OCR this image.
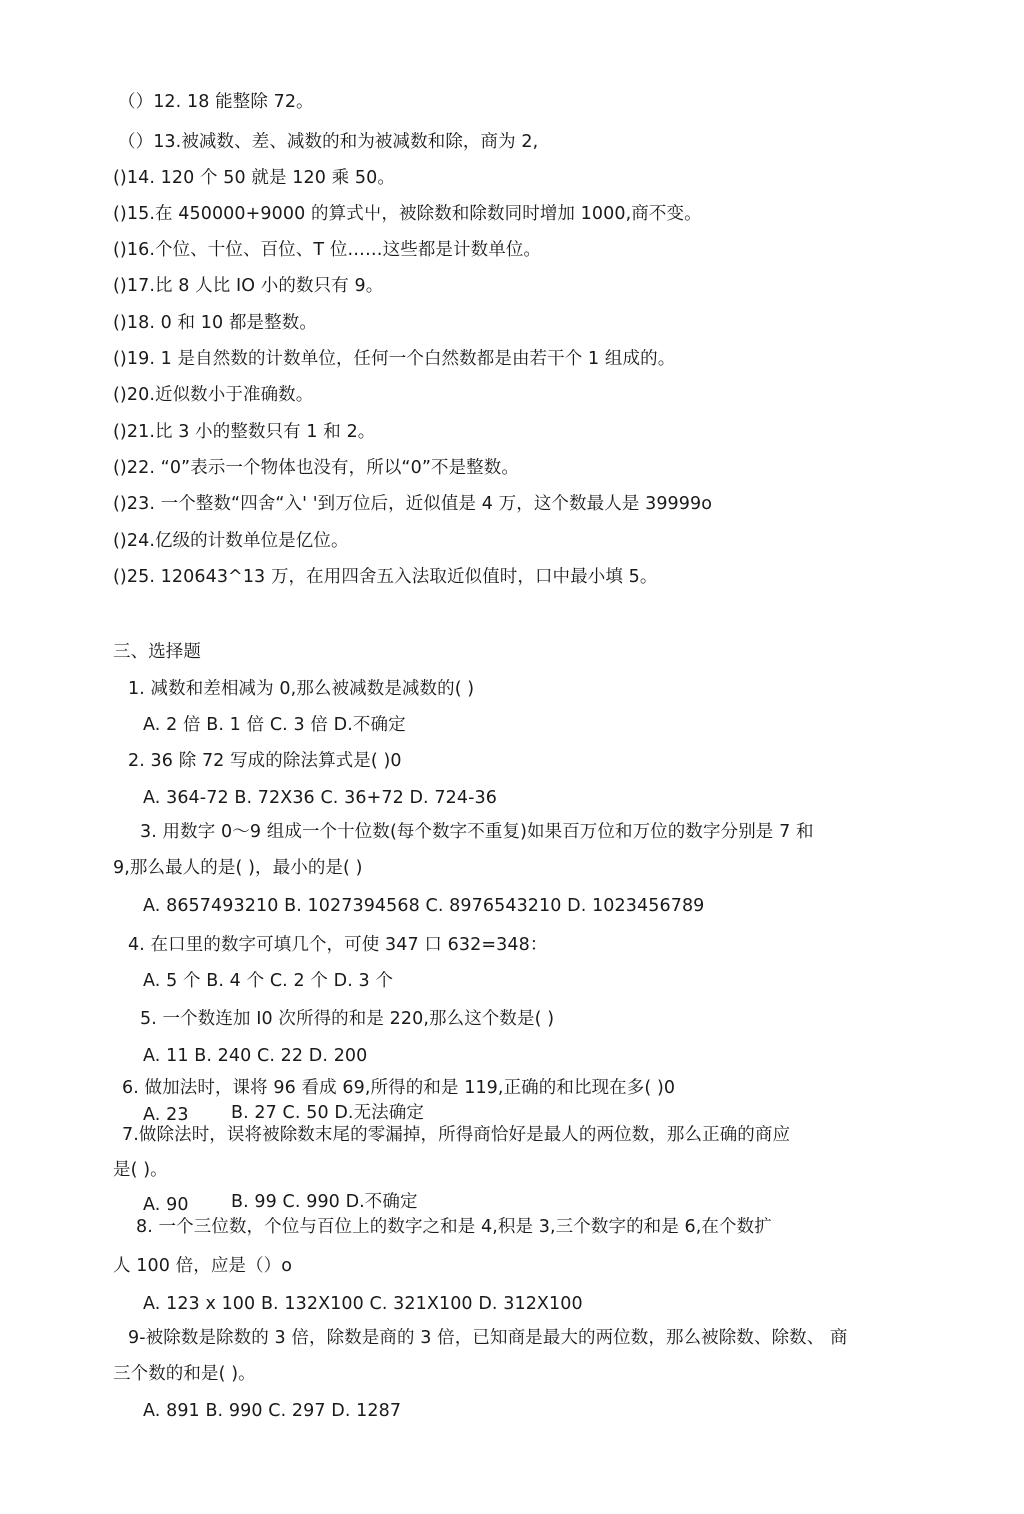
（）12. 18 能整除 72。
（）13.被减数、差、减数的和为被减数和除，商为 2,
()14. 120 个 50 就是 120 乘 50。
()15.在 450000+9000 的算式屮，被除数和除数同时增加 1000,商不变。
()16.个位、十位、百位、T 位……这些都是计数单位。
()17.比 8 人比 IO 小的数只有 9。
()18. 0 和 10 都是整数。
()19. 1 是自然数的计数单位，任何一个白然数都是由若干个 1 组成的。
()20.近似数小于准确数。
()21.比 3 小的整数只有 1 和 2。
()22. “0”表示一个物体也没有，所以“0”不是整数。
()23. 一个整数“四舍“入' '到万位后，近似值是 4 万，这个数最人是 39999o
()24.亿级的计数单位是亿位。
()25. 120643^13 万，在用四舍五入法取近似值时，口中最小填 5。
三、选择题
1. 减数和差相减为 0,那么被减数是减数的( )
A. 2 倍 B. 1 倍 C. 3 倍 D.不确定
2. 36 除 72 写成的除法算式是( )0
A. 364-72 B. 72X36 C. 36+72 D. 724-36
3. 用数字 0～9 组成一个十位数(每个数字不重复)如果百万位和万位的数字分别是 7 和
9,那么最人的是( )，最小的是( )
A. 8657493210 B. 1027394568 C. 8976543210 D. 1023456789
4. 在口里的数字可填几个，可使 347 口 632=348：
A. 5 个 B. 4 个 C. 2 个 D. 3 个
5. 一个数连加 I0 次所得的和是 220,那么这个数是( )
A. 11 B. 240 C. 22 D. 200
6. 做加法时，课将 96 看成 69,所得的和是 119,正确的和比现在多( )0
A. 23 B. 27 C. 50 D.无法确定
7.做除法时，误将被除数末尾的零漏掉，所得商恰好是最人的两位数，那么正确的商应
是( )。
A. 90 B. 99 C. 990 D.不确定
8. 一个三位数，个位与百位上的数字之和是 4,积是 3,三个数字的和是 6,在个数扩
人 100 倍，应是（）o
A. 123 x 100 B. 132X100 C. 321X100 D. 312X100
9-被除数是除数的 3 倍，除数是商的 3 倍，已知商是最大的两位数，那么被除数、除数、 商
三个数的和是( )。
A. 891 B. 990 C. 297 D. 1287
